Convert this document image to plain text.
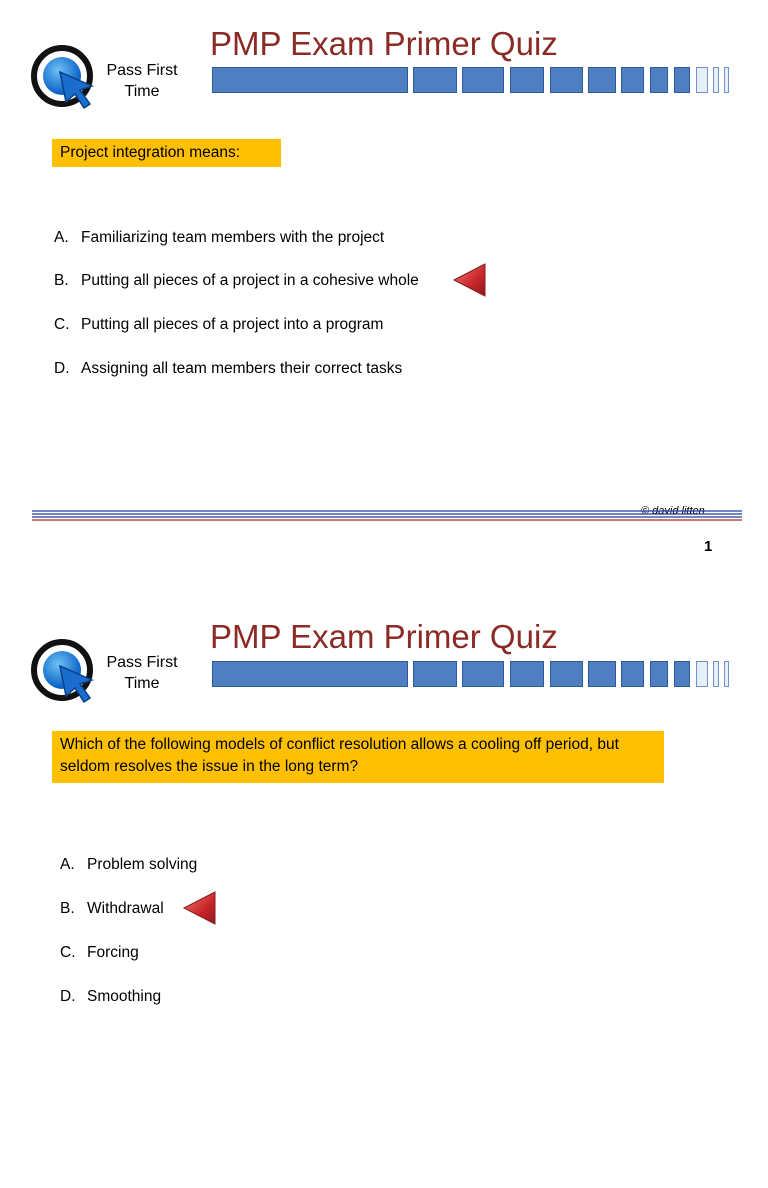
Pass First
Time
PMP Exam Primer Quiz
Project integration means:
A. Familiarizing team members with the project
B. Putting all pieces of a project in a cohesive whole
C. Putting all pieces of a project into a program
D. Assigning all team members their correct tasks
© david litten
1
Pass First
Time
PMP Exam Primer Quiz
Which of the following models of conflict resolution allows a cooling off period, but seldom resolves the issue in the long term?
A. Problem solving
B. Withdrawal
C. Forcing
D. Smoothing
